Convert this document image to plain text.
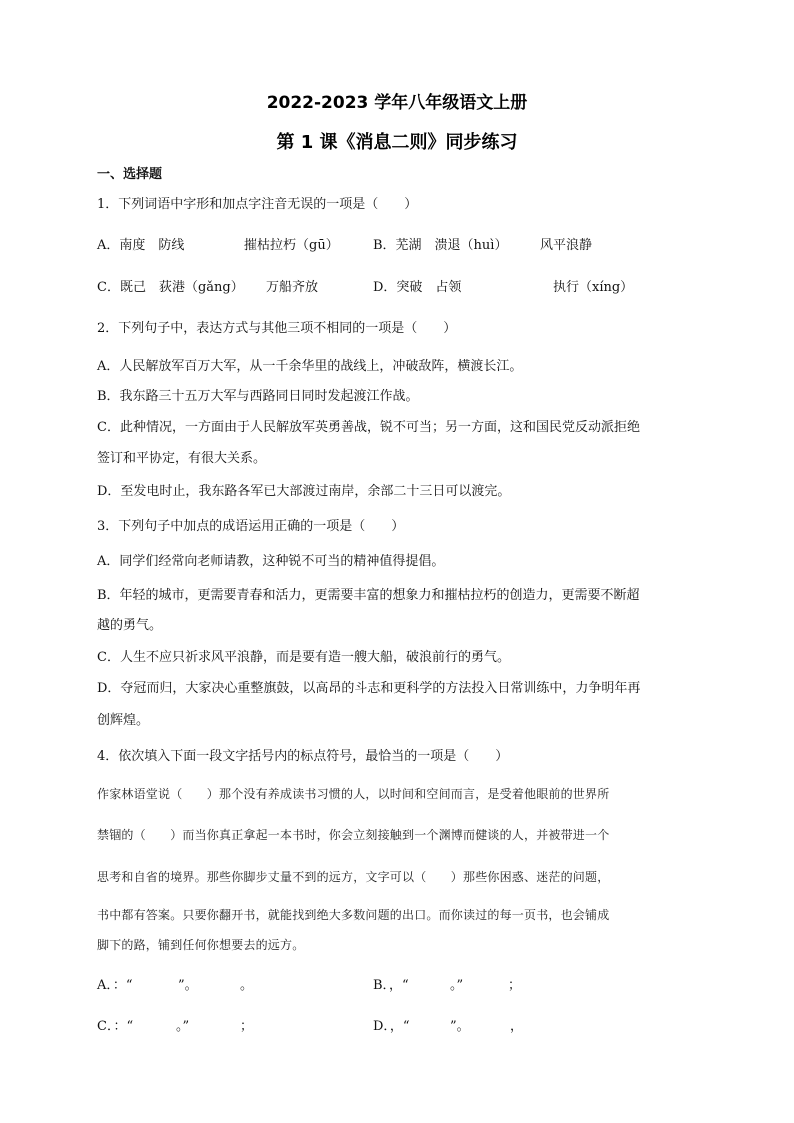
2022-2023 学年八年级语文上册
第 1 课《消息二则》同步练习
一、选择题
1．下列词语中字形和加点字注音无误的一项是（　　）
A．南度　防线	摧枯拉朽（gū）	B．芜湖　溃退（huì）	风平浪静
C．既己　荻港（gǎng） 万船齐放	D．突破　占领	执行（xíng）
2．下列句子中，表达方式与其他三项不相同的一项是（　　）
A．人民解放军百万大军，从一千余华里的战线上，冲破敌阵，横渡长江。
B．我东路三十五万大军与西路同日同时发起渡江作战。
C．此种情况，一方面由于人民解放军英勇善战，锐不可当；另一方面，这和国民党反动派拒绝
签订和平协定，有很大关系。
D．至发电时止，我东路各军已大部渡过南岸，余部二十三日可以渡完。
3．下列句子中加点的成语运用正确的一项是（　　）
A．同学们经常向老师请教，这种锐不可当的精神值得提倡。
B．年轻的城市，更需要青春和活力，更需要丰富的想象力和摧枯拉朽的创造力，更需要不断超
越的勇气。
C．人生不应只祈求风平浪静，而是要有造一艘大船，破浪前行的勇气。
D．夺冠而归，大家决心重整旗鼓，以高昂的斗志和更科学的方法投入日常训练中，力争明年再
创辉煌。
4．依次填入下面一段文字括号内的标点符号，最恰当的一项是（　　）
作家林语堂说（　　）那个没有养成读书习惯的人，以时间和空间而言，是受着他眼前的世界所
禁锢的（　　）而当你真正拿起一本书时，你会立刻接触到一个渊博而健谈的人，并被带进一个
思考和自省的境界。那些你脚步丈量不到的远方，文字可以（　　）那些你困惑、迷茫的问题，
书中都有答案。只要你翻开书，就能找到绝大多数问题的出口。而你读过的每一页书，也会铺成
脚下的路，铺到任何你想要去的远方。
A．：“	”。	。	B．，“	。”	；
C．：“	。”	；	D．，“	”。	，
